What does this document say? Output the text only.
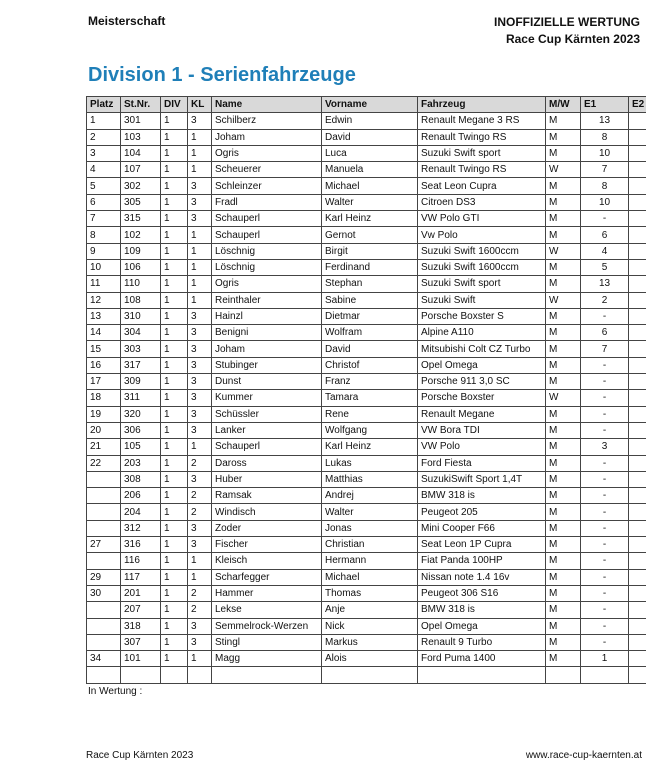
Meisterschaft	INOFFIZIELLE WERTUNG
Race Cup Kärnten 2023
Division 1 - Serienfahrzeuge
Platz	St.Nr.	DIV	KL	Name	Vorname	Fahrzeug	M/W	E1	E2
1	301	1	3	Schilberz	Edwin	Renault Megane 3 RS	M	13	
2	103	1	1	Joham	David	Renault Twingo RS	M	8	
3	104	1	1	Ogris	Luca	Suzuki Swift sport	M	10	
4	107	1	1	Scheuerer	Manuela	Renault Twingo RS	W	7	
5	302	1	3	Schleinzer	Michael	Seat Leon Cupra	M	8	
6	305	1	3	Fradl	Walter	Citroen DS3	M	10	
7	315	1	3	Schauperl	Karl Heinz	VW Polo GTI	M	-	
8	102	1	1	Schauperl	Gernot	Vw Polo	M	6	
9	109	1	1	Löschnig	Birgit	Suzuki Swift 1600ccm	W	4	
10	106	1	1	Löschnig	Ferdinand	Suzuki Swift 1600ccm	M	5	
11	110	1	1	Ogris	Stephan	Suzuki Swift sport	M	13	
12	108	1	1	Reinthaler	Sabine	Suzuki Swift	W	2	
13	310	1	3	Hainzl	Dietmar	Porsche Boxster S	M	-	
14	304	1	3	Benigni	Wolfram	Alpine A110	M	6	
15	303	1	3	Joham	David	Mitsubishi Colt CZ Turbo	M	7	
16	317	1	3	Stubinger	Christof	Opel Omega	M	-	
17	309	1	3	Dunst	Franz	Porsche 911 3,0 SC	M	-	
18	311	1	3	Kummer	Tamara	Porsche Boxster	W	-	
19	320	1	3	Schüssler	Rene	Renault Megane	M	-	
20	306	1	3	Lanker	Wolfgang	VW Bora TDI	M	-	
21	105	1	1	Schauperl	Karl Heinz	VW Polo	M	3	
22	203	1	2	Daross	Lukas	Ford Fiesta	M	-	
	308	1	3	Huber	Matthias	SuzukiSwift Sport 1,4T	M	-	
	206	1	2	Ramsak	Andrej	BMW 318 is	M	-	
	204	1	2	Windisch	Walter	Peugeot 205	M	-	
	312	1	3	Zoder	Jonas	Mini Cooper F66	M	-	
27	316	1	3	Fischer	Christian	Seat Leon 1P Cupra	M	-	
	116	1	1	Kleisch	Hermann	Fiat Panda 100HP	M	-	
29	117	1	1	Scharfegger	Michael	Nissan note 1.4 16v	M	-	
30	201	1	2	Hammer	Thomas	Peugeot 306 S16	M	-	
	207	1	2	Lekse	Anje	BMW 318 is	M	-	
	318	1	3	Semmelrock-Werzen	Nick	Opel Omega	M	-	
	307	1	3	Stingl	Markus	Renault 9 Turbo	M	-	
34	101	1	1	Magg	Alois	Ford Puma 1400	M	1	

In Wertung :
Race Cup Kärnten 2023	www.race-cup-kaernten.at
